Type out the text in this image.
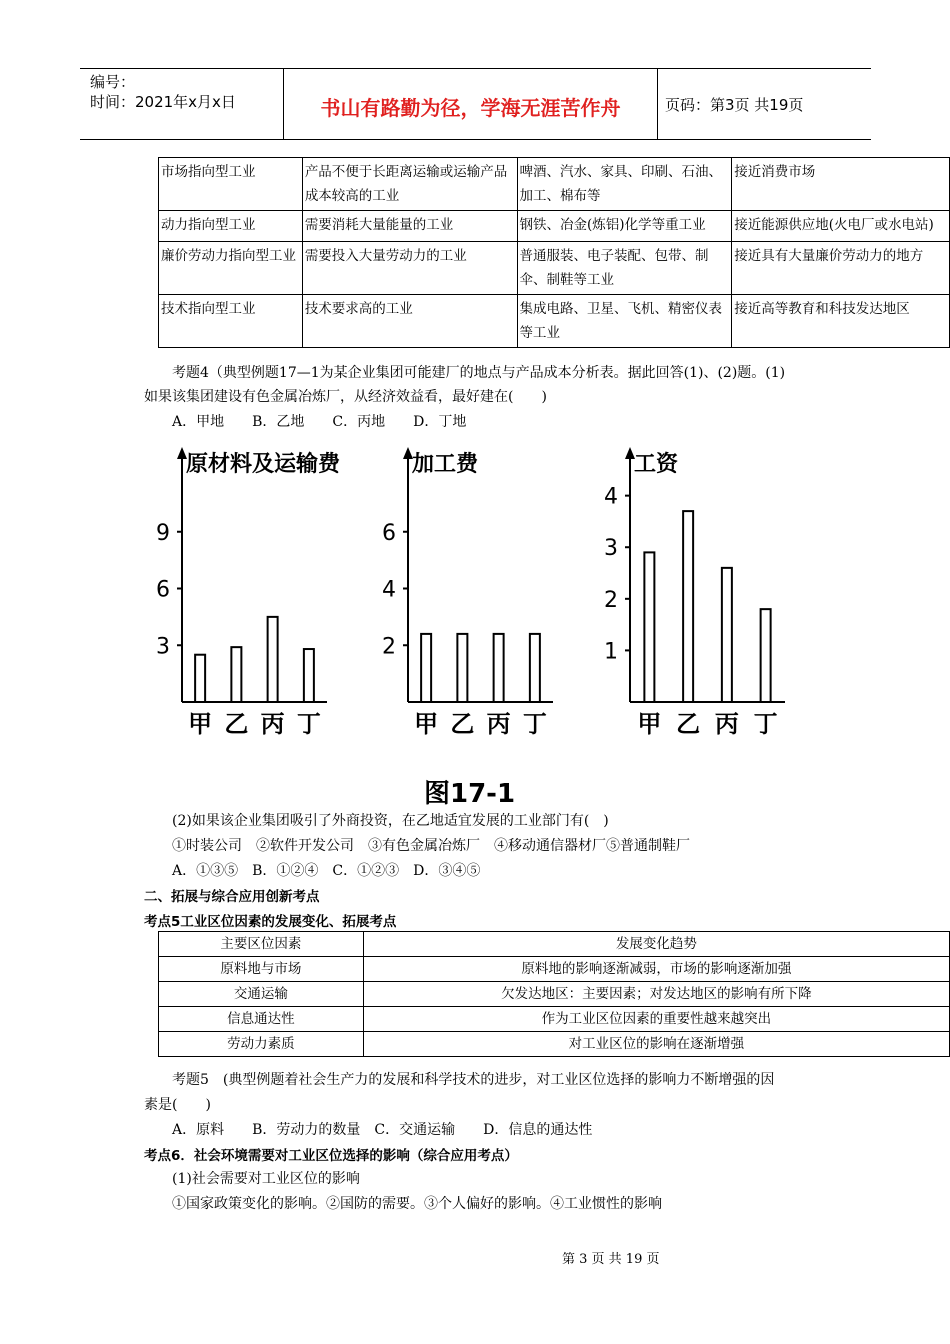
编号：
时间：2021年x月x日	书山有路勤为径，学海无涯苦作舟	页码：第3页 共19页
市场指向型工业	产品不便于长距离运输或运输产品成本较高的工业	啤酒、汽水、家具、印刷、石油、加工、棉布等	接近消费市场
动力指向型工业	需要消耗大量能量的工业	钢铁、冶金(炼铝)化学等重工业	接近能源供应地(火电厂或水电站)
廉价劳动力指向型工业	需要投入大量劳动力的工业	普通服装、电子装配、包带、制伞、制鞋等工业	接近具有大量廉价劳动力的地方
技术指向型工业	技术要求高的工业	集成电路、卫星、飞机、精密仪表等工业	接近高等教育和科技发达地区
考题4（典型例题17—1为某企业集团可能建厂的地点与产品成本分析表。据此回答(1)、(2)题。(1)
如果该集团建设有色金属冶炼厂，从经济效益看，最好建在(　　)
A．甲地　　B．乙地　　C．丙地　　D．丁地
原材料及运输费
3
6
9
甲 乙 丙 丁
加工费
2
4
6
甲 乙 丙 丁
工资
1
2
3
4
甲 乙 丙 丁
图17-1
(2)如果该企业集团吸引了外商投资，在乙地适宜发展的工业部门有(　)
①时装公司　②软件开发公司　③有色金属冶炼厂　④移动通信器材厂⑤普通制鞋厂
A．①③⑤　B．①②④　C．①②③　D．③④⑤
二、拓展与综合应用创新考点
考点5工业区位因素的发展变化、拓展考点
主要区位因素	发展变化趋势
原料地与市场	原料地的影响逐渐减弱，市场的影响逐渐加强
交通运输	欠发达地区：主要因素；对发达地区的影响有所下降
信息通达性	作为工业区位因素的重要性越来越突出
劳动力素质	对工业区位的影响在逐渐增强
考题5　(典型例题着社会生产力的发展和科学技术的进步，对工业区位选择的影响力不断增强的因
素是(　　)
A．原料　　B．劳动力的数量　C．交通运输　　D．信息的通达性
考点6．社会环境需要对工业区位选择的影响（综合应用考点）
(1)社会需要对工业区位的影响
①国家政策变化的影响。②国防的需要。③个人偏好的影响。④工业惯性的影响
第 3 页 共 19 页
